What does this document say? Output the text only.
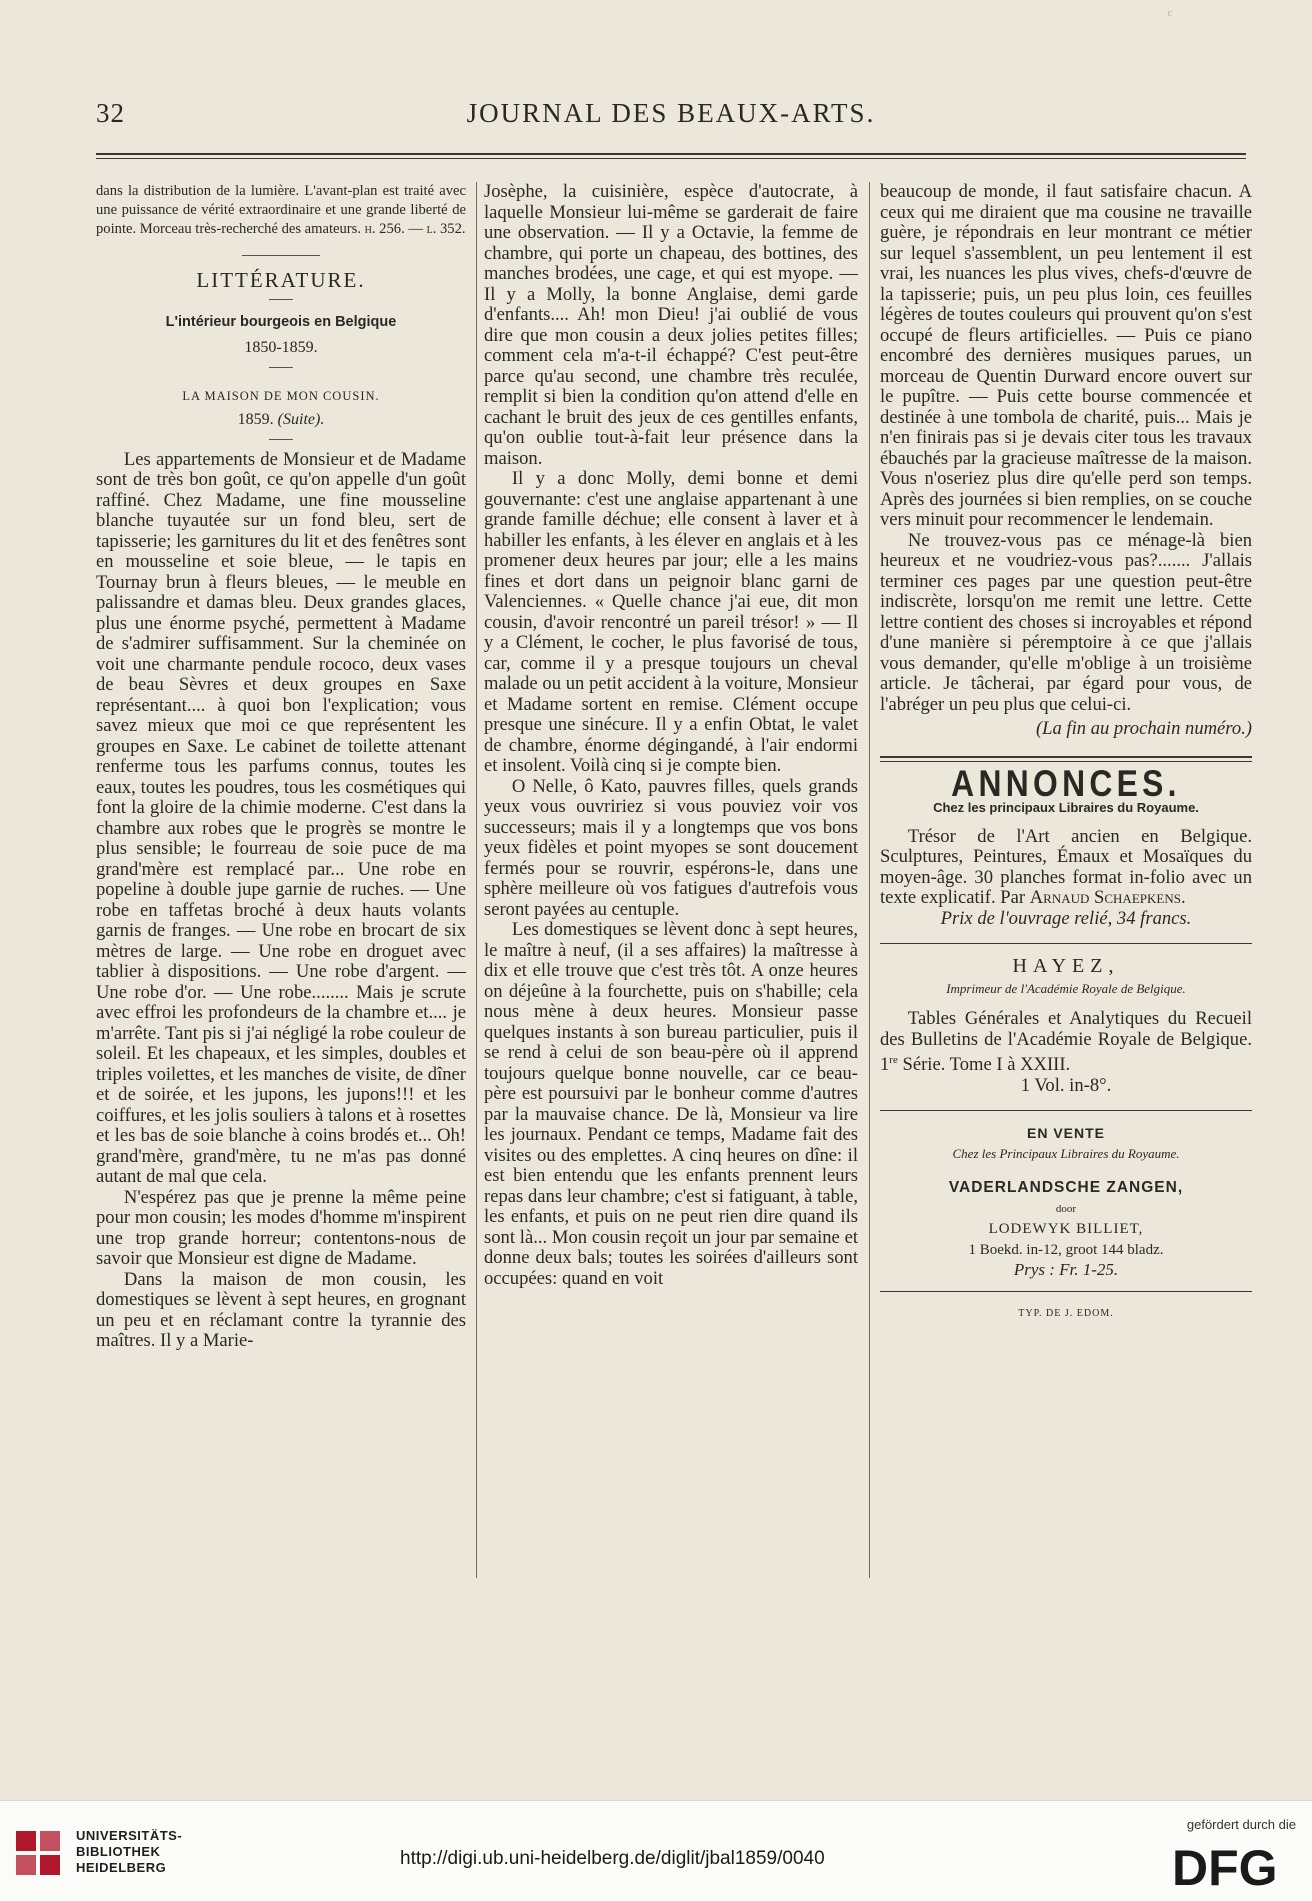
c
32	JOURNAL DES BEAUX-ARTS.

dans la distribution de la lumière. L'avant-plan est traité avec une puissance de vérité extraordinaire et une grande liberté de pointe. Morceau très-recherché des amateurs. h. 256. — l. 352.

LITTÉRATURE.
L'intérieur bourgeois en Belgique
1850-1859.
LA MAISON DE MON COUSIN.
1859. (Suite).

Les appartements de Monsieur et de Madame sont de très bon goût, ce qu'on appelle d'un goût raffiné. Chez Madame, une fine mousseline blanche tuyautée sur un fond bleu, sert de tapisserie; les garnitures du lit et des fenêtres sont en mousseline et soie bleue, — le tapis en Tournay brun à fleurs bleues, — le meuble en palissandre et damas bleu. Deux grandes glaces, plus une énorme psyché, permettent à Madame de s'admirer suffisamment. Sur la cheminée on voit une charmante pendule rococo, deux vases de beau Sèvres et deux groupes en Saxe représentant.... à quoi bon l'explication; vous savez mieux que moi ce que représentent les groupes en Saxe. Le cabinet de toilette attenant renferme tous les parfums connus, toutes les eaux, toutes les poudres, tous les cosmétiques qui font la gloire de la chimie moderne. C'est dans la chambre aux robes que le progrès se montre le plus sensible; le fourreau de soie puce de ma grand'mère est remplacé par... Une robe en popeline à double jupe garnie de ruches. — Une robe en taffetas broché à deux hauts volants garnis de franges. — Une robe en brocart de six mètres de large. — Une robe en droguet avec tablier à dispositions. — Une robe d'argent. — Une robe d'or. — Une robe........ Mais je scrute avec effroi les profondeurs de la chambre et.... je m'arrête. Tant pis si j'ai négligé la robe couleur de soleil. Et les chapeaux, et les simples, doubles et triples voilettes, et les manches de visite, de dîner et de soirée, et les jupons, les jupons!!! et les coiffures, et les jolis souliers à talons et à rosettes et les bas de soie blanche à coins brodés et... Oh! grand'mère, grand'mère, tu ne m'as pas donné autant de mal que cela.

N'espérez pas que je prenne la même peine pour mon cousin; les modes d'homme m'inspirent une trop grande horreur; contentons-nous de savoir que Monsieur est digne de Madame.

Dans la maison de mon cousin, les domestiques se lèvent à sept heures, en grognant un peu et en réclamant contre la tyrannie des maîtres. Il y a Marie-

Josèphe, la cuisinière, espèce d'autocrate, à laquelle Monsieur lui-même se garderait de faire une observation. — Il y a Octavie, la femme de chambre, qui porte un chapeau, des bottines, des manches brodées, une cage, et qui est myope. — Il y a Molly, la bonne Anglaise, demi garde d'enfants.... Ah! mon Dieu! j'ai oublié de vous dire que mon cousin a deux jolies petites filles; comment cela m'a-t-il échappé? C'est peut-être parce qu'au second, une chambre très reculée, remplit si bien la condition qu'on attend d'elle en cachant le bruit des jeux de ces gentilles enfants, qu'on oublie tout-à-fait leur présence dans la maison.

Il y a donc Molly, demi bonne et demi gouvernante: c'est une anglaise appartenant à une grande famille déchue; elle consent à laver et à habiller les enfants, à les élever en anglais et à les promener deux heures par jour; elle a les mains fines et dort dans un peignoir blanc garni de Valenciennes. « Quelle chance j'ai eue, dit mon cousin, d'avoir rencontré un pareil trésor! » — Il y a Clément, le cocher, le plus favorisé de tous, car, comme il y a presque toujours un cheval malade ou un petit accident à la voiture, Monsieur et Madame sortent en remise. Clément occupe presque une sinécure. Il y a enfin Obtat, le valet de chambre, énorme dégingandé, à l'air endormi et insolent. Voilà cinq si je compte bien.

O Nelle, ô Kato, pauvres filles, quels grands yeux vous ouvririez si vous pouviez voir vos successeurs; mais il y a longtemps que vos bons yeux fidèles et point myopes se sont doucement fermés pour se rouvrir, espérons-le, dans une sphère meilleure où vos fatigues d'autrefois vous seront payées au centuple.

Les domestiques se lèvent donc à sept heures, le maître à neuf, (il a ses affaires) la maîtresse à dix et elle trouve que c'est très tôt. A onze heures on déjeûne à la fourchette, puis on s'habille; cela nous mène à deux heures. Monsieur passe quelques instants à son bureau particulier, puis il se rend à celui de son beau-père où il apprend toujours quelque bonne nouvelle, car ce beau-père est poursuivi par le bonheur comme d'autres par la mauvaise chance. De là, Monsieur va lire les journaux. Pendant ce temps, Madame fait des visites ou des emplettes. A cinq heures on dîne: il est bien entendu que les enfants prennent leurs repas dans leur chambre; c'est si fatiguant, à table, les enfants, et puis on ne peut rien dire quand ils sont là... Mon cousin reçoit un jour par semaine et donne deux bals; toutes les soirées d'ailleurs sont occupées: quand en voit

beaucoup de monde, il faut satisfaire chacun. A ceux qui me diraient que ma cousine ne travaille guère, je répondrais en leur montrant ce métier sur lequel s'assemblent, un peu lentement il est vrai, les nuances les plus vives, chefs-d'œuvre de la tapisserie; puis, un peu plus loin, ces feuilles légères de toutes couleurs qui prouvent qu'on s'est occupé de fleurs artificielles. — Puis ce piano encombré des dernières musiques parues, un morceau de Quentin Durward encore ouvert sur le pupître. — Puis cette bourse commencée et destinée à une tombola de charité, puis... Mais je n'en finirais pas si je devais citer tous les travaux ébauchés par la gracieuse maîtresse de la maison. Vous n'oseriez plus dire qu'elle perd son temps. Après des journées si bien remplies, on se couche vers minuit pour recommencer le lendemain.

Ne trouvez-vous pas ce ménage-là bien heureux et ne voudriez-vous pas?....... J'allais terminer ces pages par une question peut-être indiscrète, lorsqu'on me remit une lettre. Cette lettre contient des choses si incroyables et répond d'une manière si péremptoire à ce que j'allais vous demander, qu'elle m'oblige à un troisième article. Je tâcherai, par égard pour vous, de l'abréger un peu plus que celui-ci.

(La fin au prochain numéro.)

ANNONCES.
Chez les principaux Libraires du Royaume.

Trésor de l'Art ancien en Belgique. Sculptures, Peintures, Émaux et Mosaïques du moyen-âge. 30 planches format in-folio avec un texte explicatif. Par Arnaud Schaepkens.

Prix de l'ouvrage relié, 34 francs.

HAYEZ,
Imprimeur de l'Académie Royale de Belgique.

Tables Générales et Analytiques du Recueil des Bulletins de l'Académie Royale de Belgique. 1re Série. Tome I à XXIII.

1 Vol. in-8°.

EN VENTE
Chez les Principaux Libraires du Royaume.
VADERLANDSCHE ZANGEN,
door
LODEWYK BILLIET,
1 Boekd. in-12, groot 144 bladz.
Prys : Fr. 1-25.
TYP. DE J. EDOM.
UNIVERSITÄTS-
BIBLIOTHEK
HEIDELBERG	http://digi.ub.uni-heidelberg.de/diglit/jbal1859/0040
gefördert durch die
DFG
